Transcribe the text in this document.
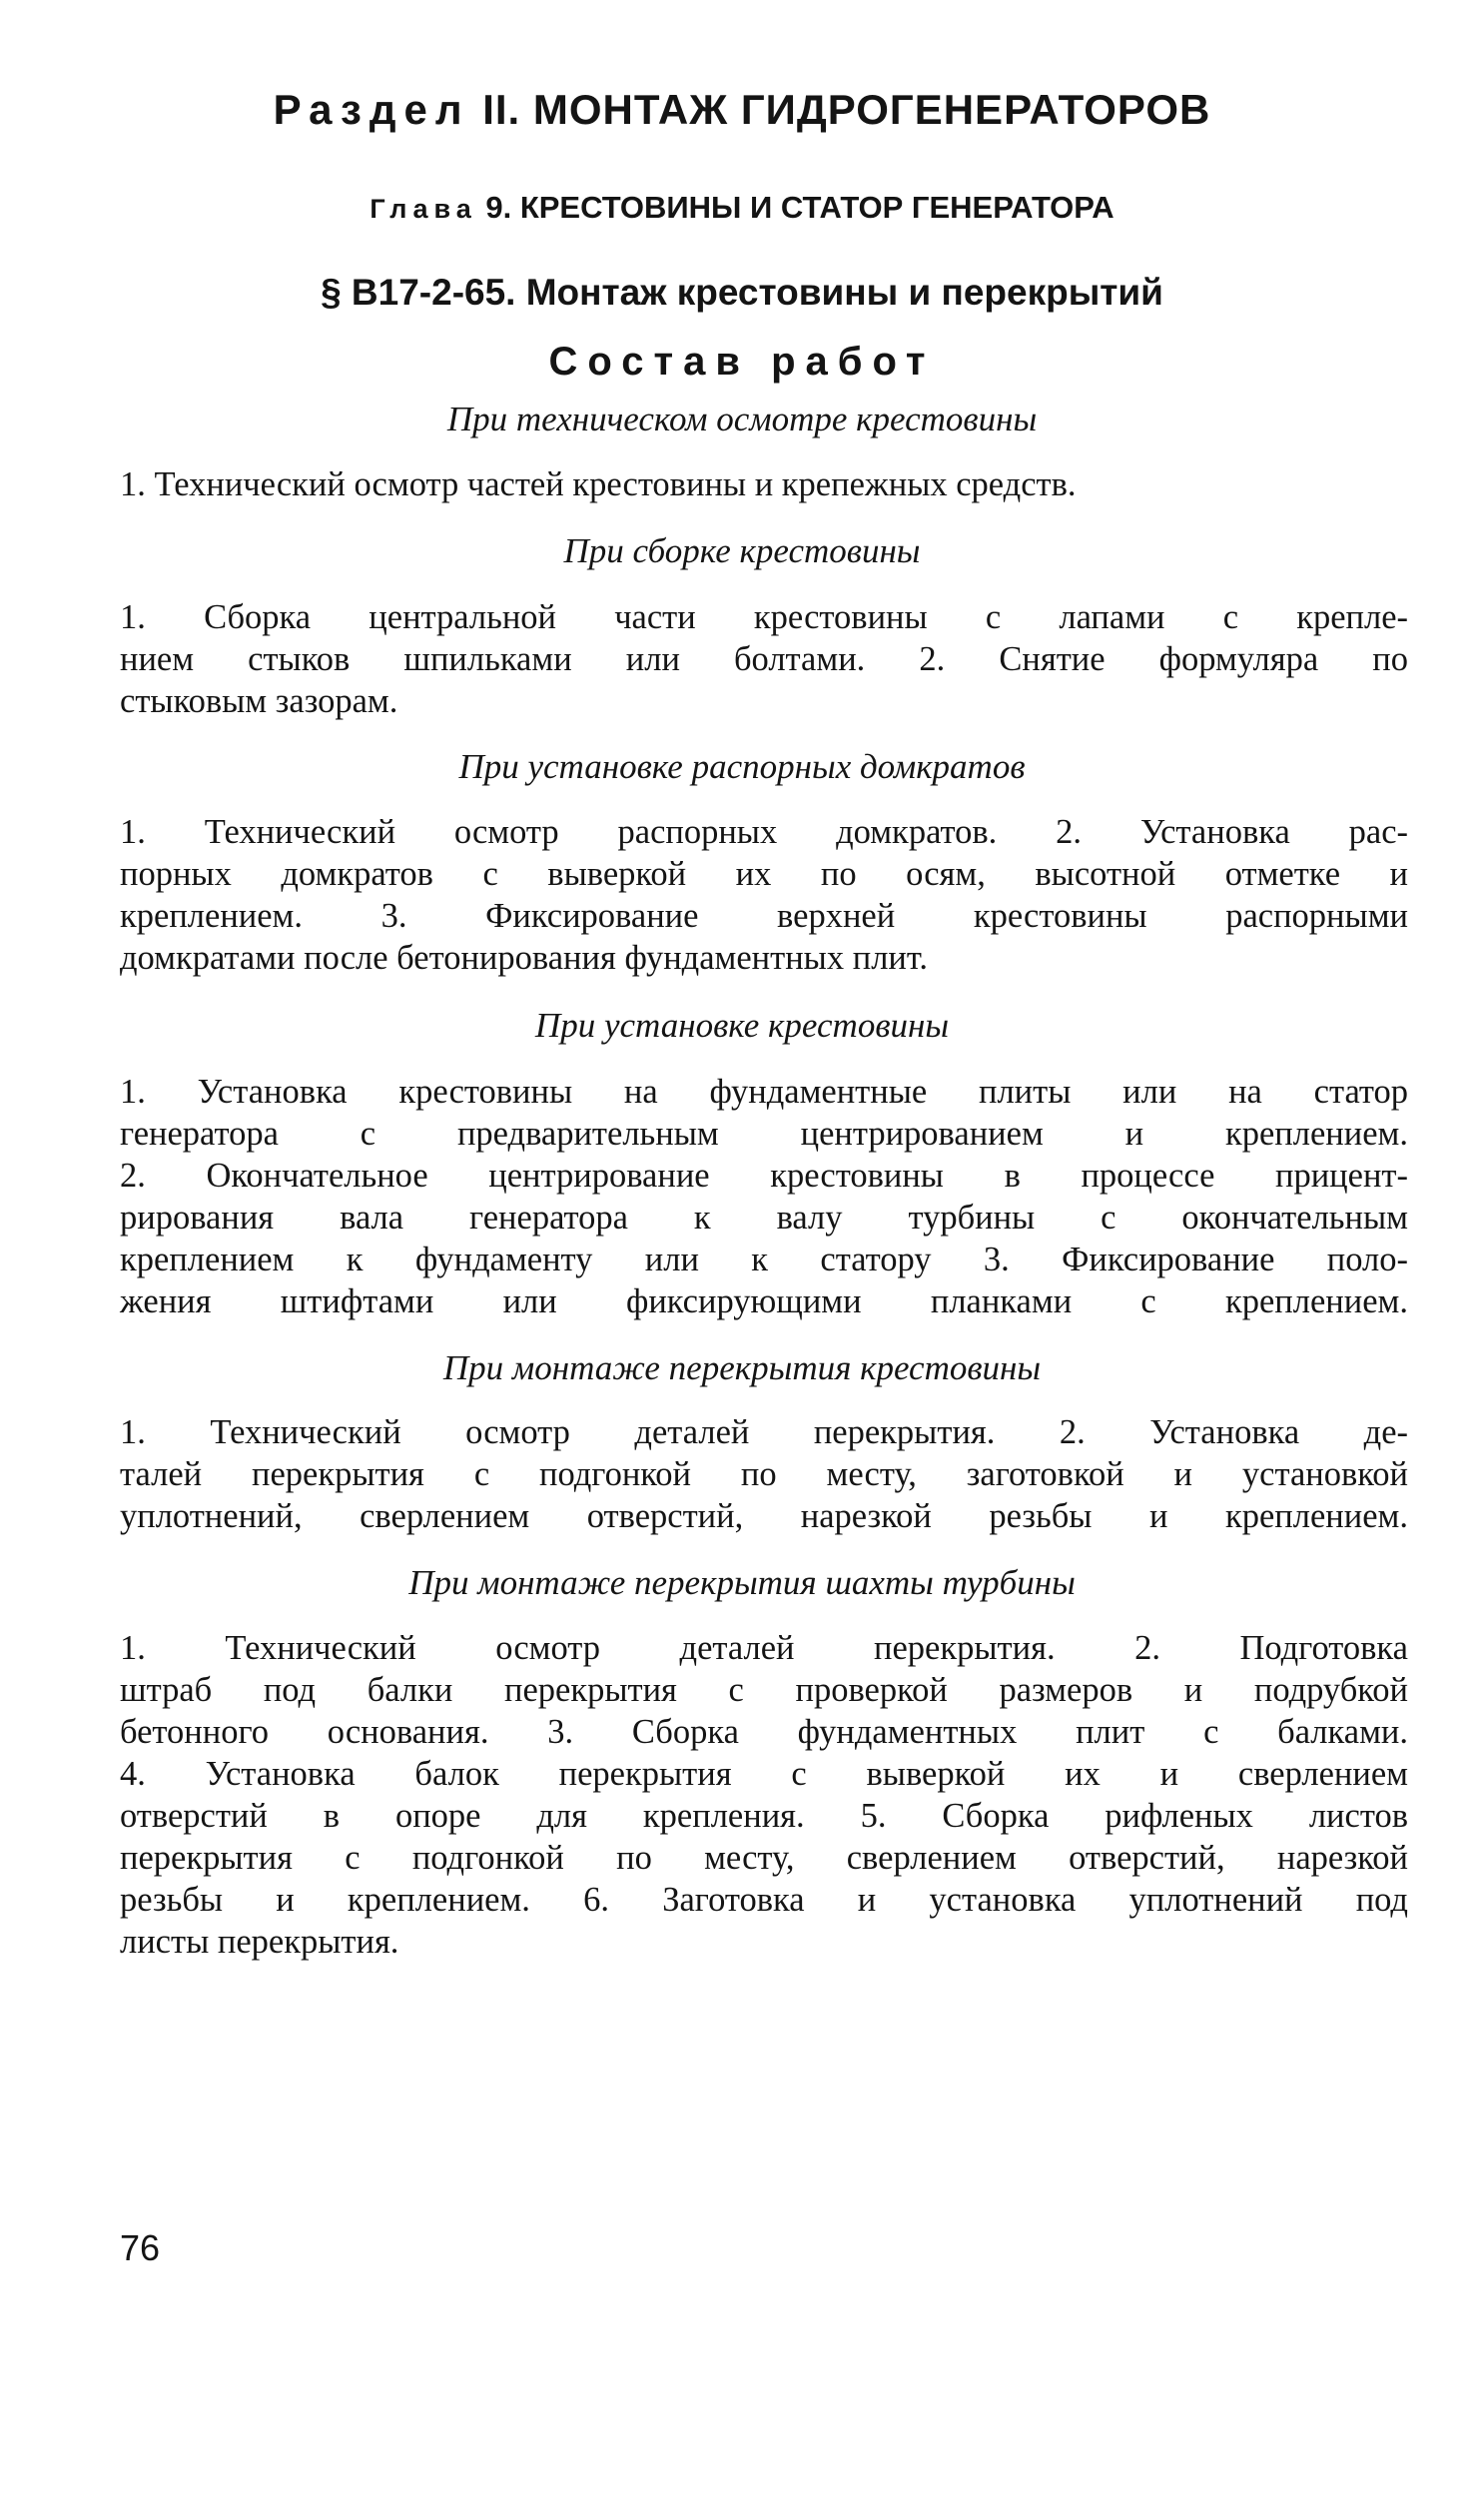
Раздел II. МОНТАЖ ГИДРОГЕНЕРАТОРОВ
Глава 9. КРЕСТОВИНЫ И СТАТОР ГЕНЕРАТОРА
§ В17-2-65. Монтаж крестовины и перекрытий
Состав работ
При техническом осмотре крестовины
1. Технический осмотр частей крестовины и крепежных средств.
При сборке крестовины
1. Сборка центральной части крестовины с лапами с крепле-
нием стыков шпильками или болтами. 2. Снятие формуляра по
стыковым зазорам.
При установке распорных домкратов
1. Технический осмотр распорных домкратов. 2. Установка рас-
порных домкратов с выверкой их по осям, высотной отметке и
креплением. 3. Фиксирование верхней крестовины распорными
домкратами после бетонирования фундаментных плит.
При установке крестовины
1. Установка крестовины на фундаментные плиты или на статор
генератора с предварительным центрированием и креплением.
2. Окончательное центрирование крестовины в процессе прицент-
рирования вала генератора к валу турбины с окончательным
креплением к фундаменту или к статору 3. Фиксирование поло-
жения штифтами или фиксирующими планками с креплением.
При монтаже перекрытия крестовины
1. Технический осмотр деталей перекрытия. 2. Установка де-
талей перекрытия с подгонкой по месту, заготовкой и установкой
уплотнений, сверлением отверстий, нарезкой резьбы и креплением.
При монтаже перекрытия шахты турбины
1. Технический осмотр деталей перекрытия. 2. Подготовка
штраб под балки перекрытия с проверкой размеров и подрубкой
бетонного основания. 3. Сборка фундаментных плит с балками.
4. Установка балок перекрытия с выверкой их и сверлением
отверстий в опоре для крепления. 5. Сборка рифленых листов
перекрытия с подгонкой по месту, сверлением отверстий, нарезкой
резьбы и креплением. 6. Заготовка и установка уплотнений под
листы перекрытия.
76
